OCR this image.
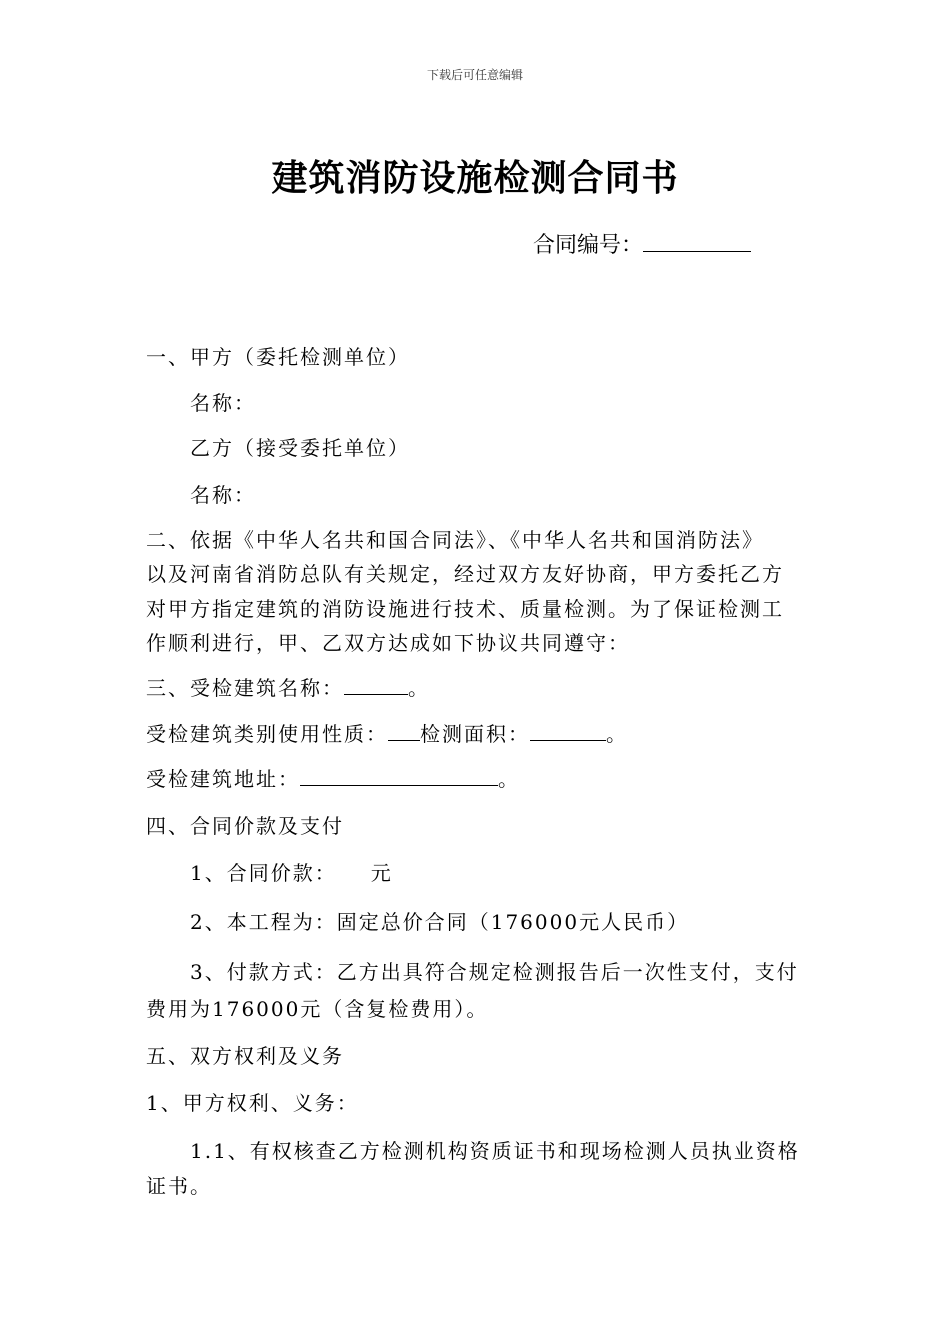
下载后可任意编辑
建筑消防设施检测合同书
合同编号：
一、甲方（委托检测单位）
名称：
乙方（接受委托单位）
名称：
二、依据《中华人名共和国合同法》、《中华人名共和国消防法》
以及河南省消防总队有关规定，经过双方友好协商，甲方委托乙方
对甲方指定建筑的消防设施进行技术、质量检测。为了保证检测工
作顺利进行，甲、乙双方达成如下协议共同遵守：
三、受检建筑名称：	。
受检建筑类别使用性质： 检测面积：	。
受检建筑地址：	。
四、合同价款及支付
1、合同价款：　　元
2、本工程为：固定总价合同（176000元人民币）
3、付款方式：乙方出具符合规定检测报告后一次性支付，支付
费用为176000元（含复检费用）。
五、双方权利及义务
1、甲方权利、义务：
1.1、有权核查乙方检测机构资质证书和现场检测人员执业资格
证书。
